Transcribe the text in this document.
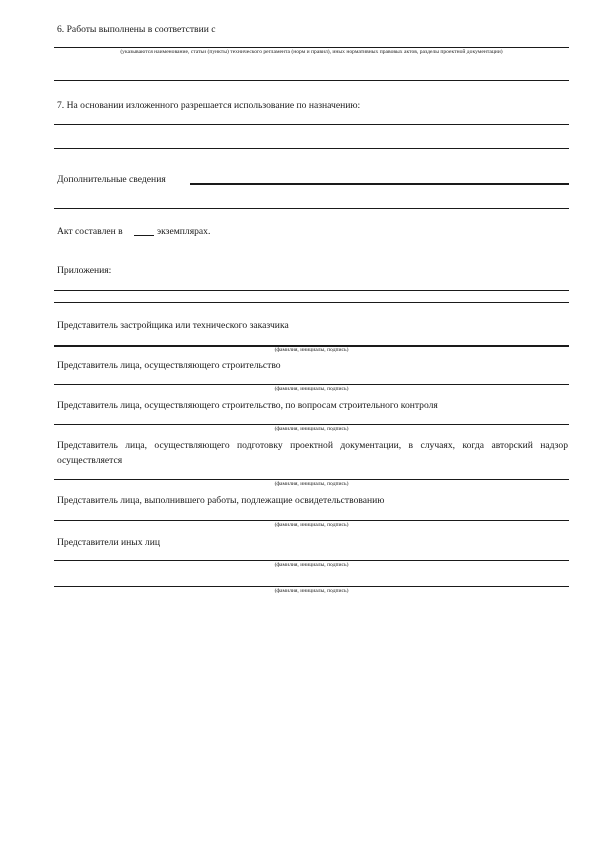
6. Работы выполнены в соответствии с
(указываются наименование, статьи (пункты) технического регламента (норм и правил), иных нормативных правовых актов, разделы проектной документации)
7. На основании изложенного разрешается использование по назначению:
Дополнительные сведения
Акт составлен в	экземплярах.
Приложения:
Представитель застройщика или технического заказчика
(фамилия, инициалы, подпись)
Представитель лица, осуществляющего строительство
(фамилия, инициалы, подпись)
Представитель лица, осуществляющего строительство, по вопросам строительного контроля
(фамилия, инициалы, подпись)
Представитель лица, осуществляющего подготовку проектной документации, в случаях, когда авторский надзор осуществляется
(фамилия, инициалы, подпись)
Представитель лица, выполнившего работы, подлежащие освидетельствованию
(фамилия, инициалы, подпись)
Представители иных лиц
(фамилия, инициалы, подпись)
(фамилия, инициалы, подпись)
